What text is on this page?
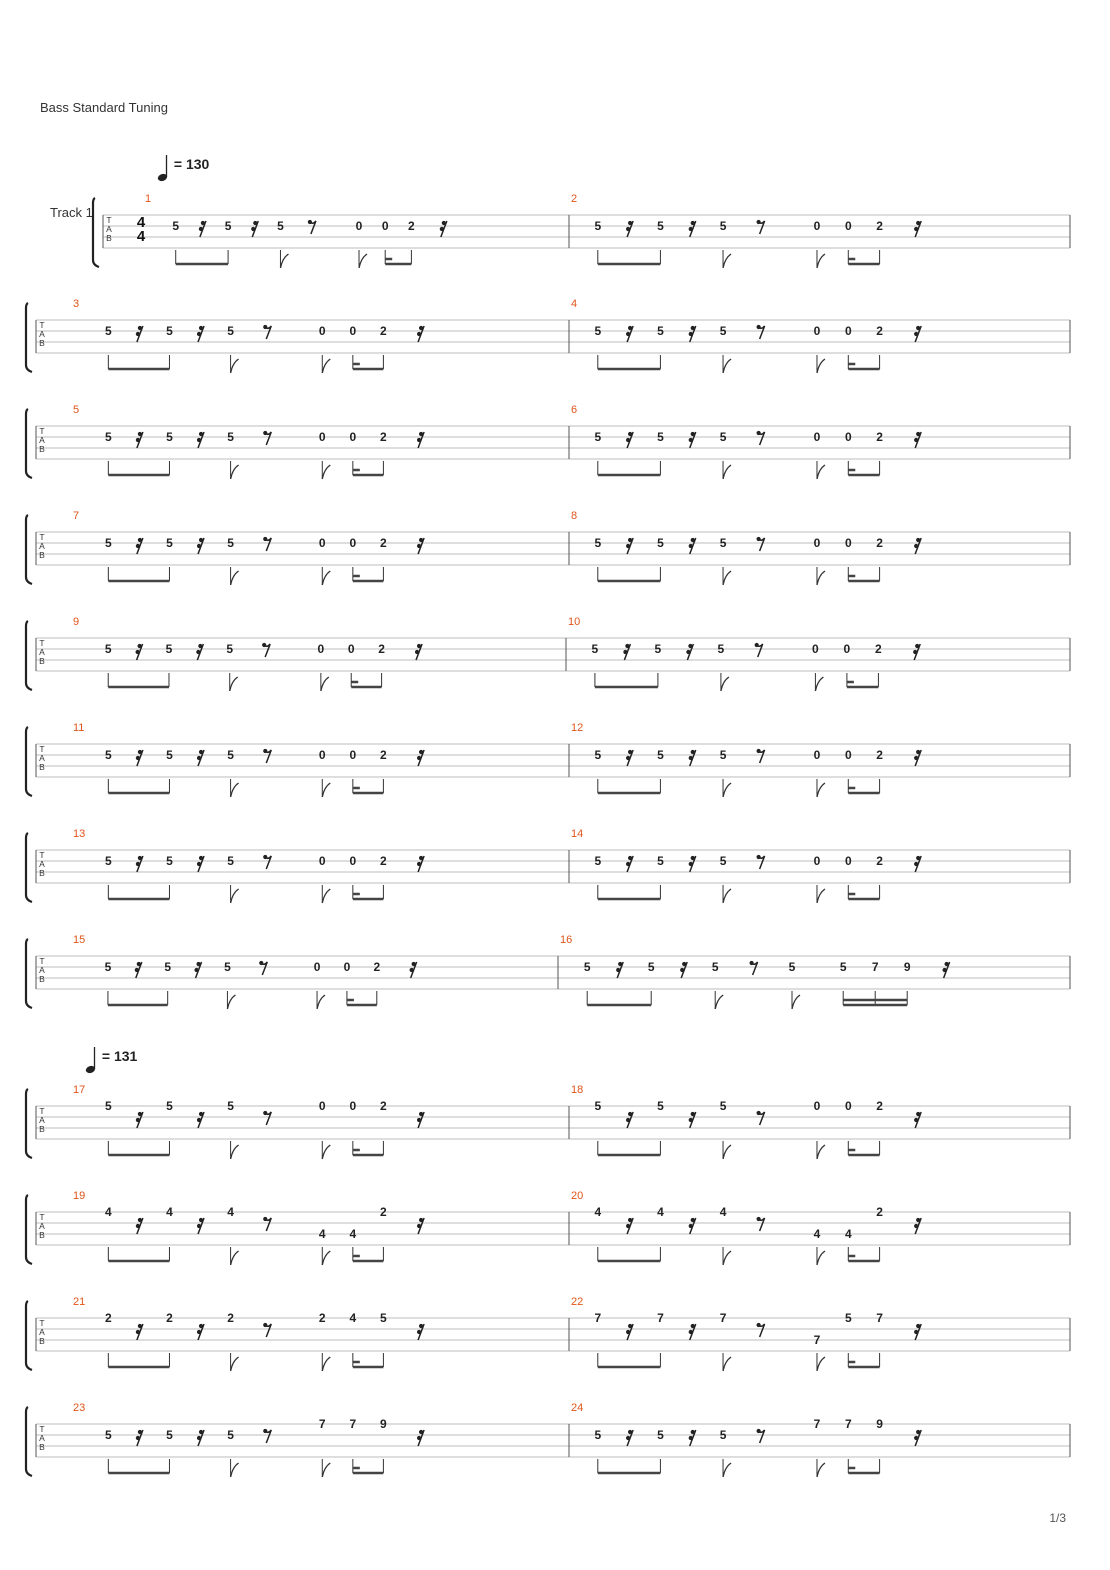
Bass Standard Tuning
Track 1
= 130
= 131
T
A
B
4
4
1
5	5	5	0 0 2
2
5	5	5	0 0 2
T
A
B
3
5	5	5	0 0 2
4
5	5	5	0 0 2
T
A
B
5
5	5	5	0 0 2
6
5	5	5	0 0 2
T
A
B
7
5	5	5	0 0 2
8
5	5	5	0 0 2
T
A
B
9
5	5	5	0 0 2
10
5	5	5	0 0 2
T
A
B
11
5	5	5	0 0 2
12
5	5	5	0 0 2
T
A
B
13
5	5	5	0 0 2
14
5	5	5	0 0 2
T
A
B
15
5	5	5	0 0 2
16
5	5	5	5	5 7 9
T
A
B
17
5	5	5	0 0 2
18
5	5	5	0 0 2
T
A
B
19
4	4	4
4 4
2
20
4	4	4
4 4
2
T
A
B
21
2	2	2	2 4 5
22
7	7	7
7
5 7
T
A
B
23
5	5	5
7 7 9
24
5	5	5
7 7 9
1/3
